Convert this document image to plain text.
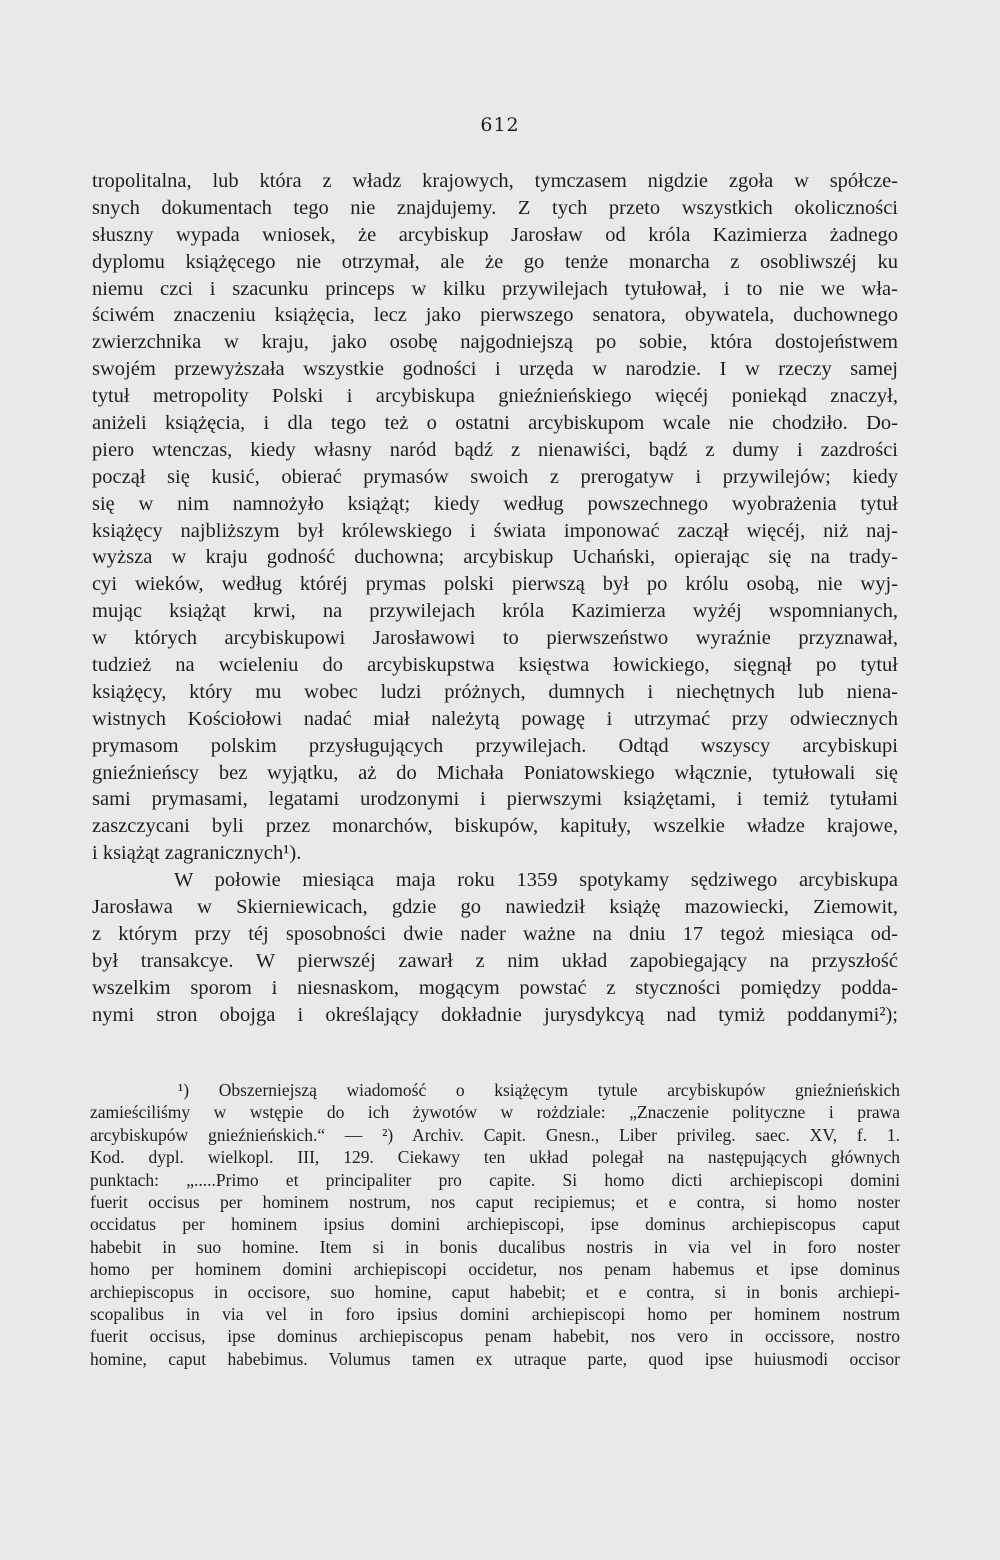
612
tropolitalna, lub która z władz krajowych, tymczasem nigdzie zgoła w spółcze-
snych dokumentach tego nie znajdujemy. Z tych przeto wszystkich okoliczności
słuszny wypada wniosek, że arcybiskup Jarosław od króla Kazimierza żadnego
dyplomu książęcego nie otrzymał, ale że go tenże monarcha z osobliwszéj ku
niemu czci i szacunku princeps w kilku przywilejach tytułował, i to nie we wła-
ściwém znaczeniu książęcia, lecz jako pierwszego senatora, obywatela, duchownego
zwierzchnika w kraju, jako osobę najgodniejszą po sobie, która dostojeństwem
swojém przewyższała wszystkie godności i urzęda w narodzie. I w rzeczy samej
tytuł metropolity Polski i arcybiskupa gnieźnieńskiego więcéj poniekąd znaczył,
aniżeli książęcia, i dla tego też o ostatni arcybiskupom wcale nie chodziło. Do-
piero wtenczas, kiedy własny naród bądź z nienawiści, bądź z dumy i zazdrości
począł się kusić, obierać prymasów swoich z prerogatyw i przywilejów; kiedy
się w nim namnożyło książąt; kiedy według powszechnego wyobrażenia tytuł
książęcy najbliższym był królewskiego i świata imponować zaczął więcéj, niż naj-
wyższa w kraju godność duchowna; arcybiskup Uchański, opierając się na trady-
cyi wieków, według któréj prymas polski pierwszą był po królu osobą, nie wyj-
mując książąt krwi, na przywilejach króla Kazimierza wyżéj wspomnianych,
w których arcybiskupowi Jarosławowi to pierwszeństwo wyraźnie przyznawał,
tudzież na wcieleniu do arcybiskupstwa księstwa łowickiego, sięgnął po tytuł
książęcy, który mu wobec ludzi próżnych, dumnych i niechętnych lub niena-
wistnych Kościołowi nadać miał należytą powagę i utrzymać przy odwiecznych
prymasom polskim przysługujących przywilejach. Odtąd wszyscy arcybiskupi
gnieźnieńscy bez wyjątku, aż do Michała Poniatowskiego włącznie, tytułowali się
sami prymasami, legatami urodzonymi i pierwszymi książętami, i temiż tytułami
zaszczycani byli przez monarchów, biskupów, kapituły, wszelkie władze krajowe,
i książąt zagranicznych¹).
W połowie miesiąca maja roku 1359 spotykamy sędziwego arcybiskupa
Jarosława w Skierniewicach, gdzie go nawiedził książę mazowiecki, Ziemowit,
z którym przy téj sposobności dwie nader ważne na dniu 17 tegoż miesiąca od-
był transakcye. W pierwszéj zawarł z nim układ zapobiegający na przyszłość
wszelkim sporom i niesnaskom, mogącym powstać z styczności pomiędzy podda-
nymi stron obojga i określający dokładnie jurysdykcyą nad tymiż poddanymi²);
¹) Obszerniejszą wiadomość o książęcym tytule arcybiskupów gnieźnieńskich
zamieściliśmy w wstępie do ich żywotów w rożdziale: „Znaczenie polityczne i prawa
arcybiskupów gnieźnieńskich.“ — ²) Archiv. Capit. Gnesn., Liber privileg. saec. XV, f. 1.
Kod. dypl. wielkopl. III, 129. Ciekawy ten układ polegał na następujących głównych
punktach: „.....Primo et principaliter pro capite. Si homo dicti archiepiscopi domini
fuerit occisus per hominem nostrum, nos caput recipiemus; et e contra, si homo noster
occidatus per hominem ipsius domini archiepiscopi, ipse dominus archiepiscopus caput
habebit in suo homine. Item si in bonis ducalibus nostris in via vel in foro noster
homo per hominem domini archiepiscopi occidetur, nos penam habemus et ipse dominus
archiepiscopus in occisore, suo homine, caput habebit; et e contra, si in bonis archiepi-
scopalibus in via vel in foro ipsius domini archiepiscopi homo per hominem nostrum
fuerit occisus, ipse dominus archiepiscopus penam habebit, nos vero in occissore, nostro
homine, caput habebimus. Volumus tamen ex utraque parte, quod ipse huiusmodi occisor
